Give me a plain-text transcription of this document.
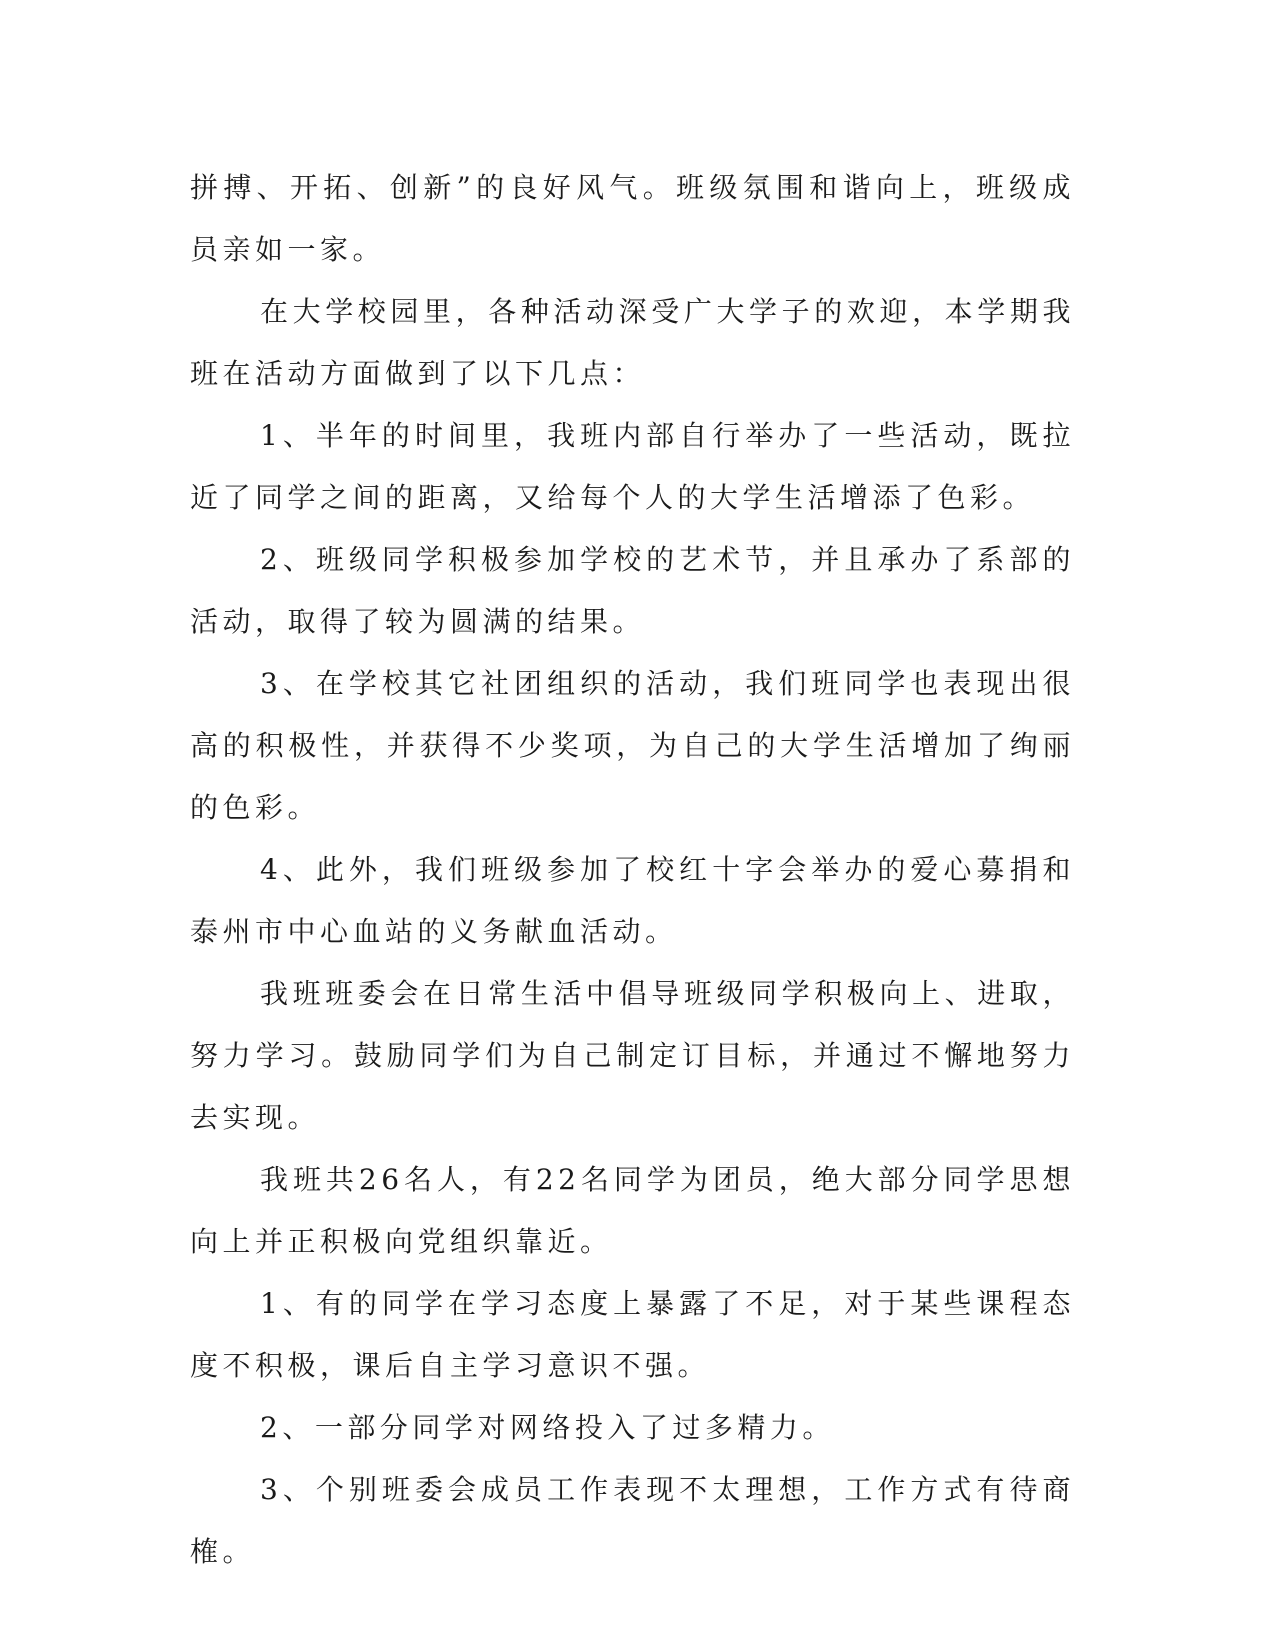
拼搏、开拓、创新”的良好风气。班级氛围和谐向上，班级成员亲如一家。

在大学校园里，各种活动深受广大学子的欢迎，本学期我班在活动方面做到了以下几点：

1、半年的时间里，我班内部自行举办了一些活动，既拉近了同学之间的距离，又给每个人的大学生活增添了色彩。

2、班级同学积极参加学校的艺术节，并且承办了系部的活动，取得了较为圆满的结果。

3、在学校其它社团组织的活动，我们班同学也表现出很高的积极性，并获得不少奖项，为自己的大学生活增加了绚丽的色彩。

4、此外，我们班级参加了校红十字会举办的爱心募捐和泰州市中心血站的义务献血活动。

我班班委会在日常生活中倡导班级同学积极向上、进取，努力学习。鼓励同学们为自己制定订目标，并通过不懈地努力去实现。

我班共26名人，有22名同学为团员，绝大部分同学思想向上并正积极向党组织靠近。

1、有的同学在学习态度上暴露了不足，对于某些课程态度不积极，课后自主学习意识不强。

2、一部分同学对网络投入了过多精力。

3、个别班委会成员工作表现不太理想，工作方式有待商榷。
